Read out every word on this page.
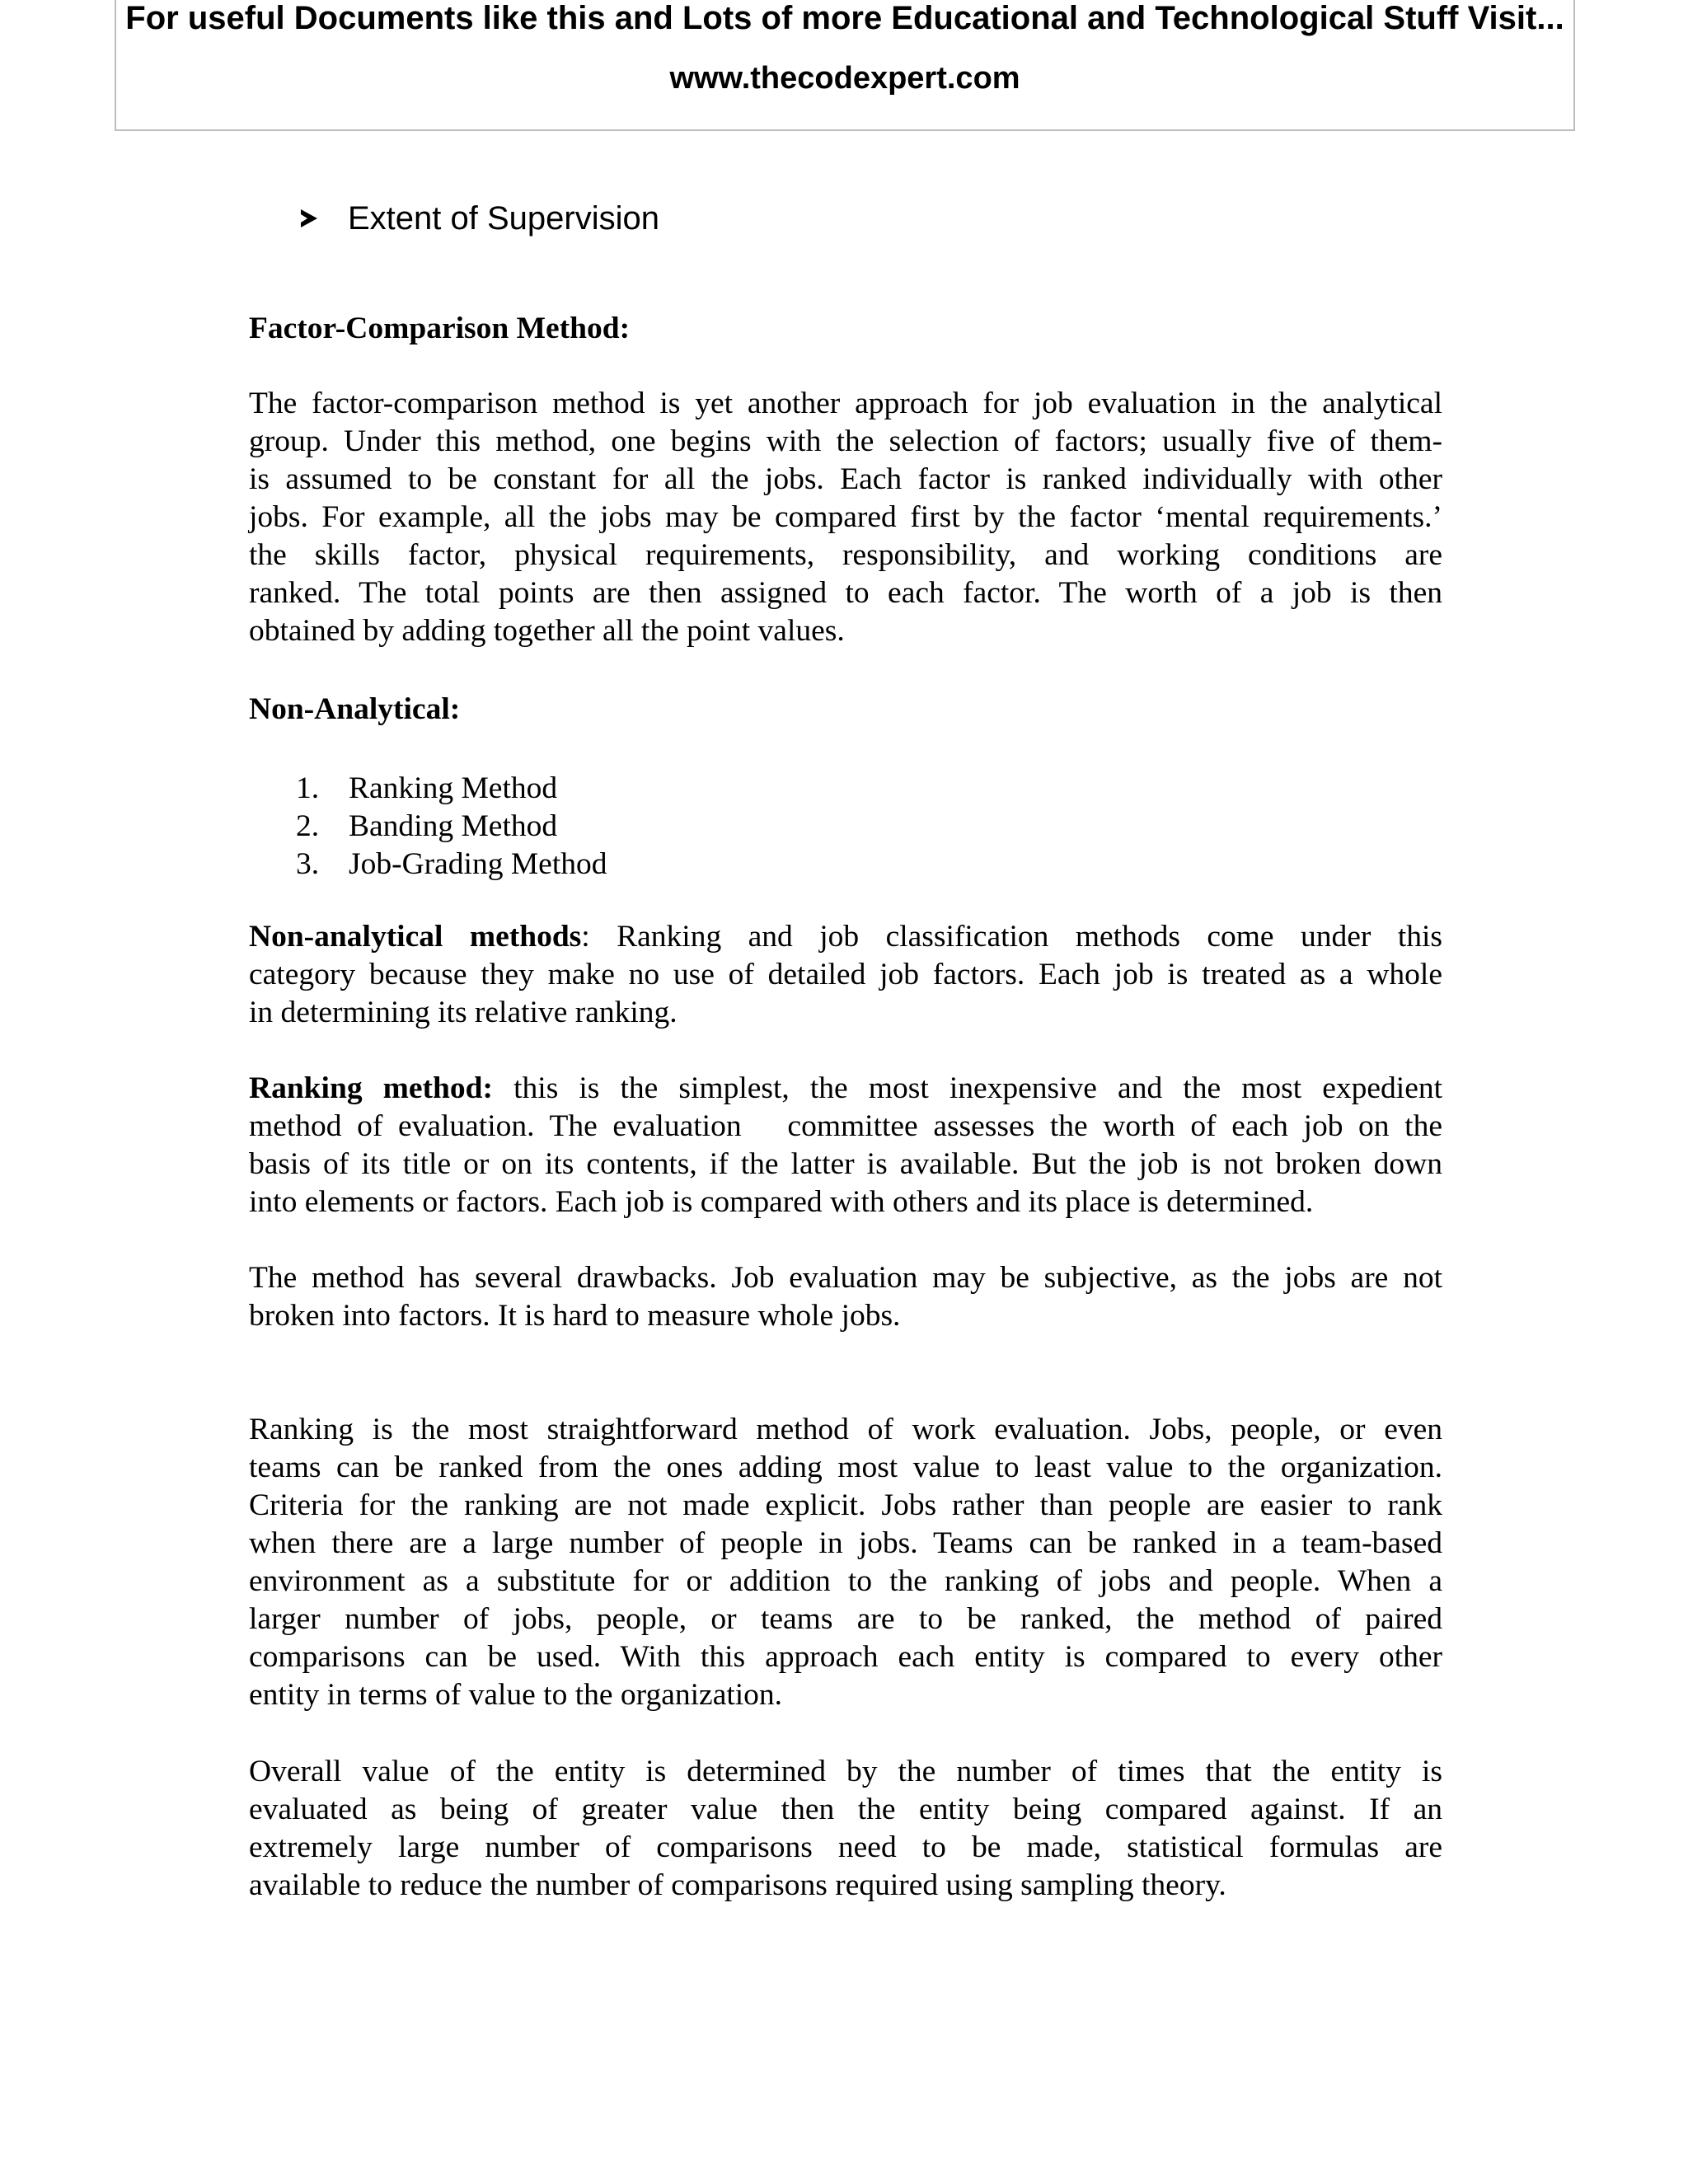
For useful Documents like this and Lots of more Educational and Technological Stuff Visit...
www.thecodexpert.com
Extent of Supervision
Factor-Comparison Method:
The factor-comparison method is yet another approach for job evaluation in the analytical
group. Under this method, one begins with the selection of factors; usually five of them-
is assumed to be constant for all the jobs. Each factor is ranked individually with other
jobs. For example, all the jobs may be compared first by the factor ‘mental requirements.’
the skills factor, physical requirements, responsibility, and working conditions are
ranked. The total points are then assigned to each factor. The worth of a job is then
obtained by adding together all the point values.
Non-Analytical:
1. Ranking Method
2. Banding Method
3. Job-Grading Method
Non-analytical methods: Ranking and job classification methods come under this
category because they make no use of detailed job factors. Each job is treated as a whole
in determining its relative ranking.
Ranking method: this is the simplest, the most inexpensive and the most expedient
method of evaluation. The evaluation   committee assesses the worth of each job on the
basis of its title or on its contents, if the latter is available. But the job is not broken down
into elements or factors. Each job is compared with others and its place is determined.
The method has several drawbacks. Job evaluation may be subjective, as the jobs are not
broken into factors. It is hard to measure whole jobs.
Ranking is the most straightforward method of work evaluation. Jobs, people, or even
teams can be ranked from the ones adding most value to least value to the organization.
Criteria for the ranking are not made explicit. Jobs rather than people are easier to rank
when there are a large number of people in jobs. Teams can be ranked in a team-based
environment as a substitute for or addition to the ranking of jobs and people. When a
larger number of jobs, people, or teams are to be ranked, the method of paired
comparisons can be used. With this approach each entity is compared to every other
entity in terms of value to the organization.
Overall value of the entity is determined by the number of times that the entity is
evaluated as being of greater value then the entity being compared against. If an
extremely large number of comparisons need to be made, statistical formulas are
available to reduce the number of comparisons required using sampling theory.
